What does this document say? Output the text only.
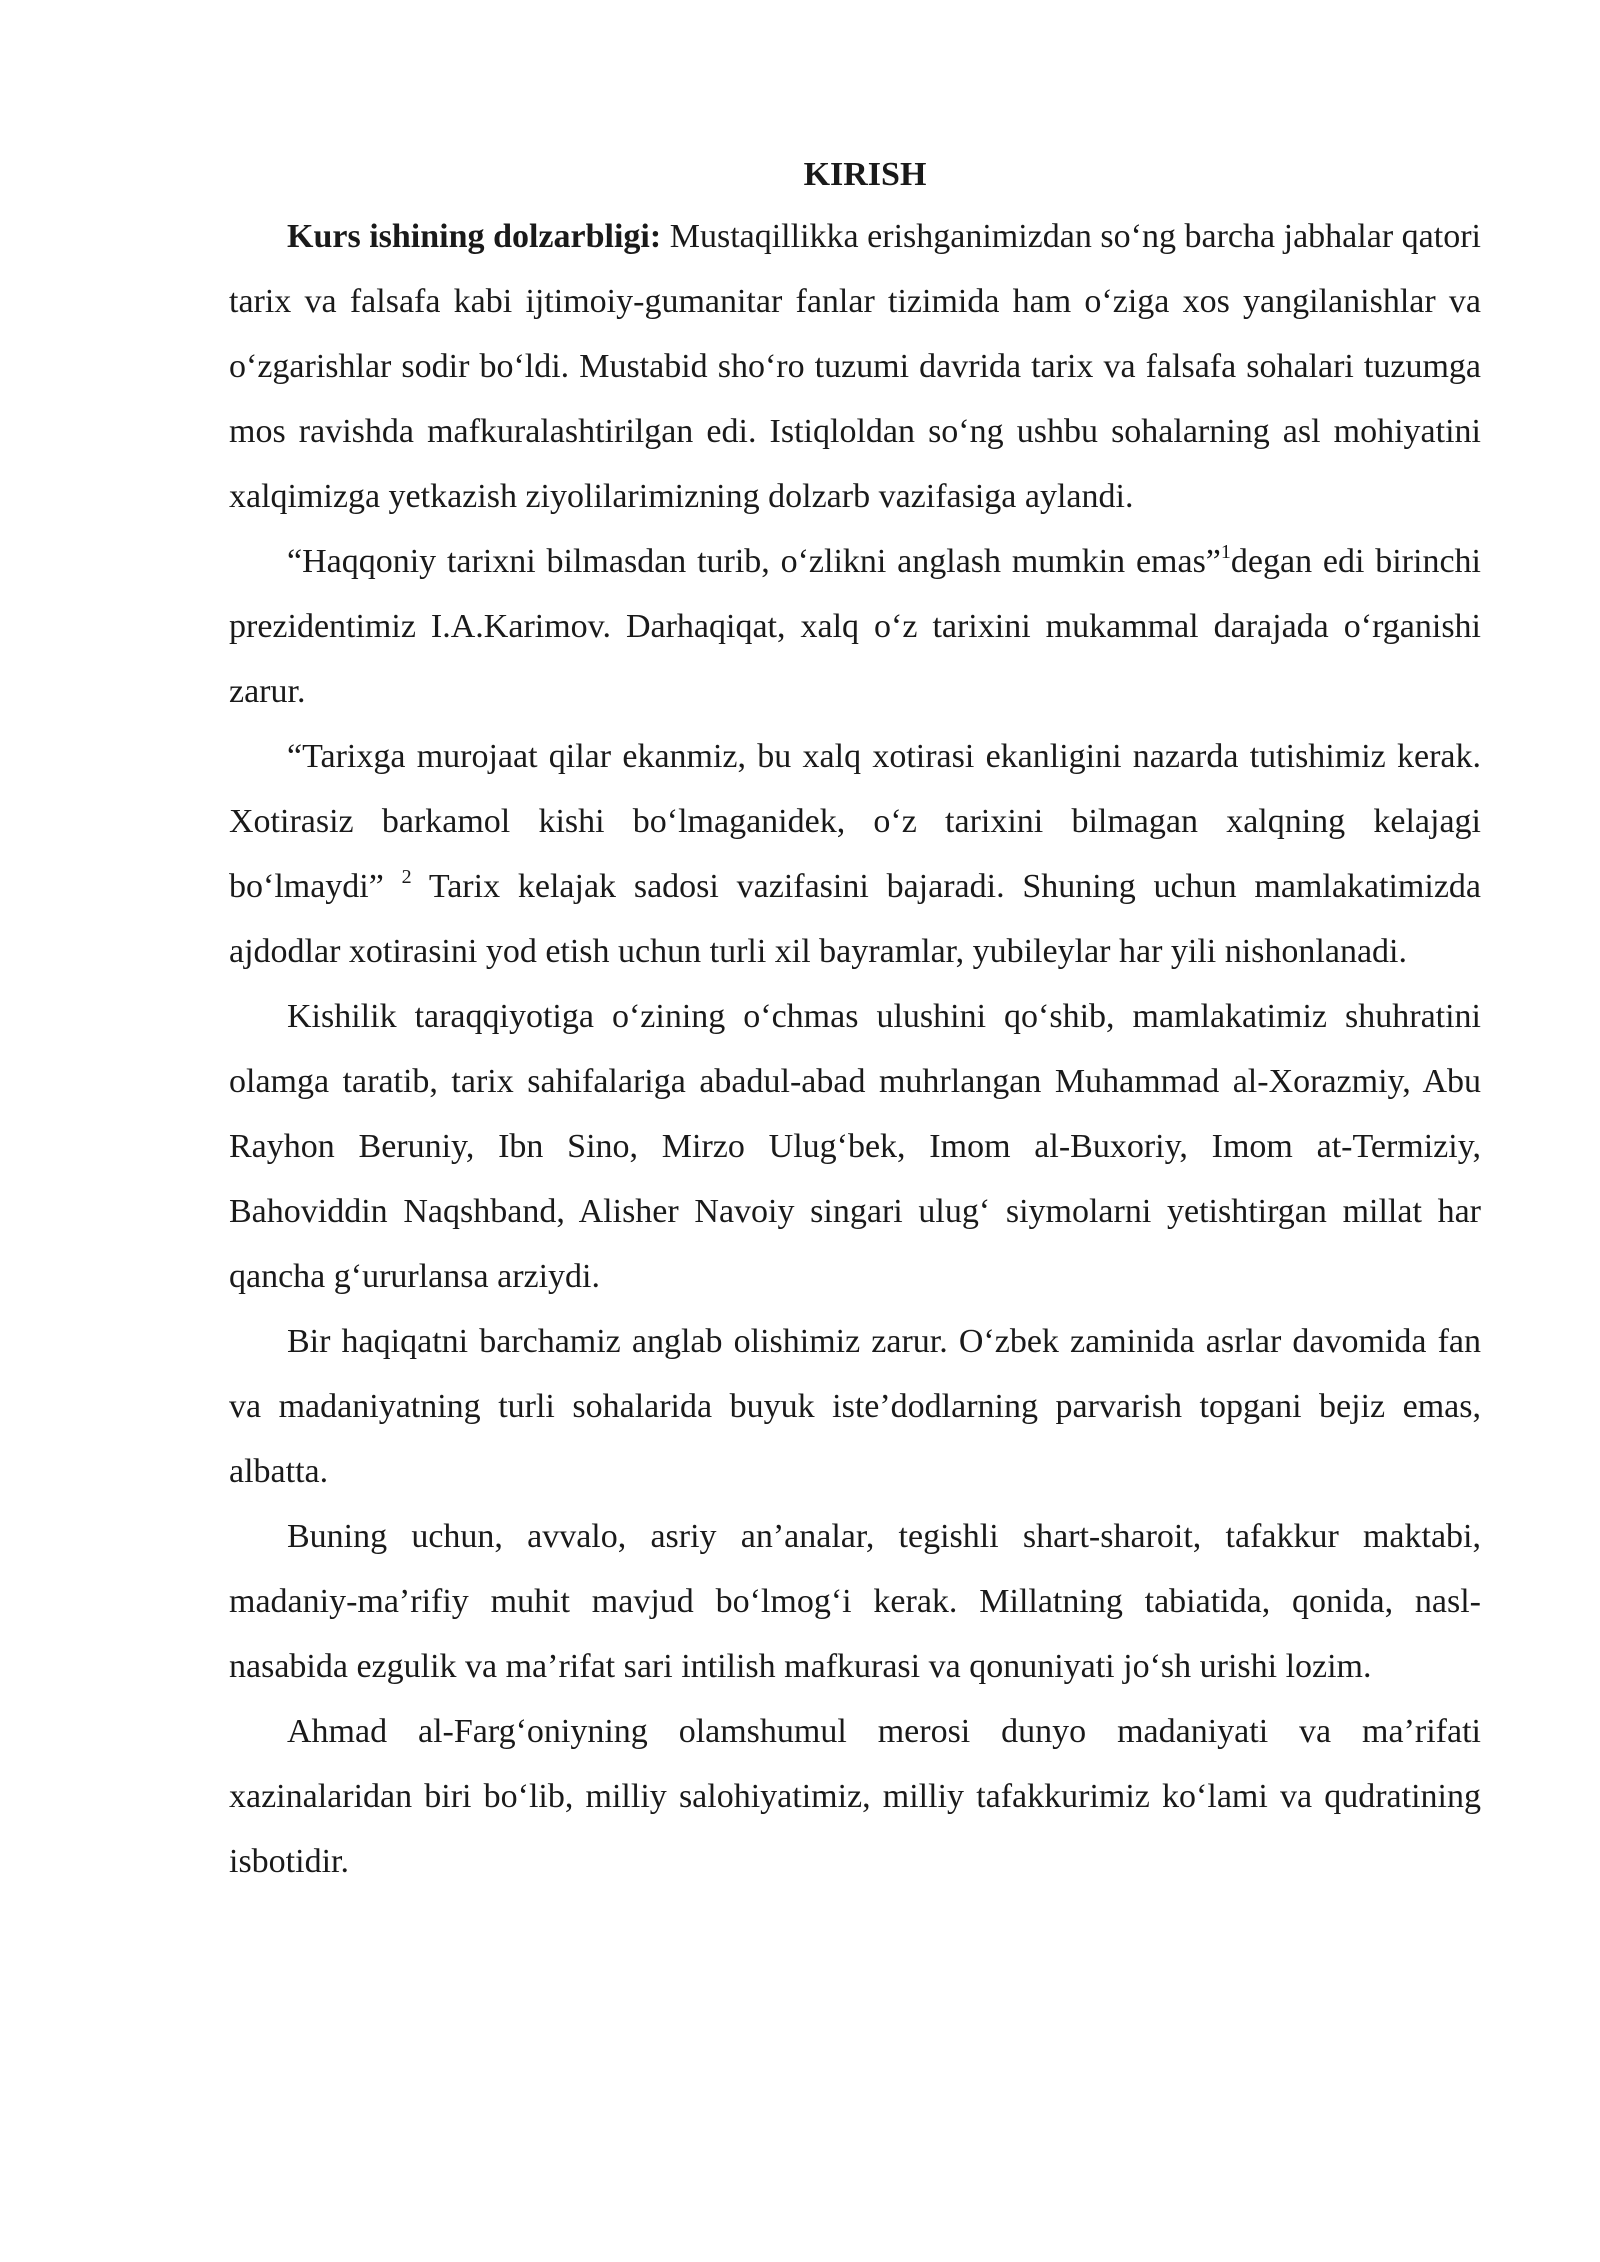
KIRISH

Kurs ishining dolzarbligi: Mustaqillikka erishganimizdan so‘ng barcha jabhalar qatori tarix va falsafa kabi ijtimoiy-gumanitar fanlar tizimida ham o‘ziga xos yangilanishlar va o‘zgarishlar sodir bo‘ldi. Mustabid sho‘ro tuzumi davrida tarix va falsafa sohalari tuzumga mos ravishda mafkuralashtirilgan edi. Istiqloldan so‘ng ushbu sohalarning asl mohiyatini xalqimizga yetkazish ziyolilarimizning dolzarb vazifasiga aylandi.

“Haqqoniy tarixni bilmasdan turib, o‘zlikni anglash mumkin emas”$^1$degan edi birinchi prezidentimiz I.A.Karimov. Darhaqiqat, xalq o‘z tarixini mukammal darajada o‘rganishi zarur.

“Tarixga murojaat qilar ekanmiz, bu xalq xotirasi ekanligini nazarda tutishimiz kerak. Xotirasiz barkamol kishi bo‘lmaganidek, o‘z tarixini bilmagan xalqning kelajagi bo‘lmaydi” $^2$ Tarix kelajak sadosi vazifasini bajaradi. Shuning uchun mamlakatimizda ajdodlar xotirasini yod etish uchun turli xil bayramlar, yubileylar har yili nishonlanadi.

Kishilik taraqqiyotiga o‘zining o‘chmas ulushini qo‘shib, mamlakatimiz shuhratini olamga taratib, tarix sahifalariga abadul-abad muhrlangan Muhammad al-Xorazmiy, Abu Rayhon Beruniy, Ibn Sino, Mirzo Ulug‘bek, Imom al-Buxoriy, Imom at-Termiziy, Bahoviddin Naqshband, Alisher Navoiy singari ulug‘ siymolarni yetishtirgan millat har qancha g‘ururlansa arziydi.

Bir haqiqatni barchamiz anglab olishimiz zarur. O‘zbek zaminida asrlar davomida fan va madaniyatning turli sohalarida buyuk iste’dodlarning parvarish topgani bejiz emas, albatta.

Buning uchun, avvalo, asriy an’analar, tegishli shart-sharoit, tafakkur maktabi, madaniy-ma’rifiy muhit mavjud bo‘lmog‘i kerak. Millatning tabiatida, qonida, nasl-nasabida ezgulik va ma’rifat sari intilish mafkurasi va qonuniyati jo‘sh urishi lozim.

Ahmad al-Farg‘oniyning olamshumul merosi dunyo madaniyati va ma’rifati xazinalaridan biri bo‘lib, milliy salohiyatimiz, milliy tafakkurimiz ko‘lami va qudratining isbotidir.
